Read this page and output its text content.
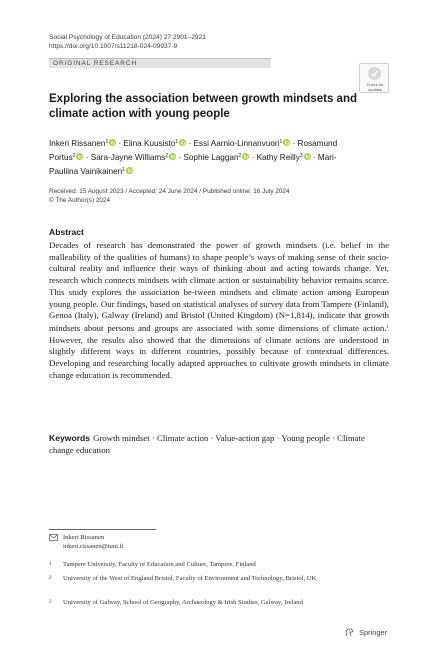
Social Psychology of Education (2024) 27:2901–2921
https://doi.org/10.1007/s11218-024-09937-9
ORIGINAL RESEARCH
Check for
updates
Exploring the association between growth mindsets and climate action with young people
Inkeri Rissanen$^1$ · Elina Kuusisto$^1$ · Essi Aarnio-Linnanvuori$^1$ · Rosamund Portus$^2$ · Sara-Jayne Williams$^2$ · Sophie Laggan$^2$ · Kathy Reilly$^3$ · Mari-Pauliina Vainikainen$^1$
Received: 15 August 2023 / Accepted: 24 June 2024 / Published online: 16 July 2024
© The Author(s) 2024
Abstract
Decades of research has demonstrated the power of growth mindsets (i.e. belief in the malleability of the qualities of humans) to shape people’s ways of making sense of their socio-cultural reality and influence their ways of thinking about and acting towards change. Yet, research which connects mindsets with climate action or sustainability behavior remains scarce. This study explores the association be-tween mindsets and climate action among European young people. Our findings, based on statistical analyses of survey data from Tampere (Finland), Genoa (Italy), Galway (Ireland) and Bristol (United Kingdom) (N=1,814), indicate that growth mindsets about persons and groups are associated with some dimensions of climate action.$^1$ However, the results also showed that the dimensions of climate actions are understood in slightly different ways in different countries, possibly because of contextual differences. Developing and researching locally adapted approaches to cultivate growth mindsets in climate change education is recommended.
Keywords Growth mindset · Climate action · Value-action gap · Young people · Climate change education
Inkeri Rissanen
inkeri.rissanen@tuni.fi
1 Tampere University, Faculty of Education and Culture, Tampere, Finland
2 University of the West of England Bristol, Faculty of Environment and Technology, Bristol, UK
3 University of Galway, School of Geography, Archaeology & Irish Studies, Galway, Ireland
Springer
